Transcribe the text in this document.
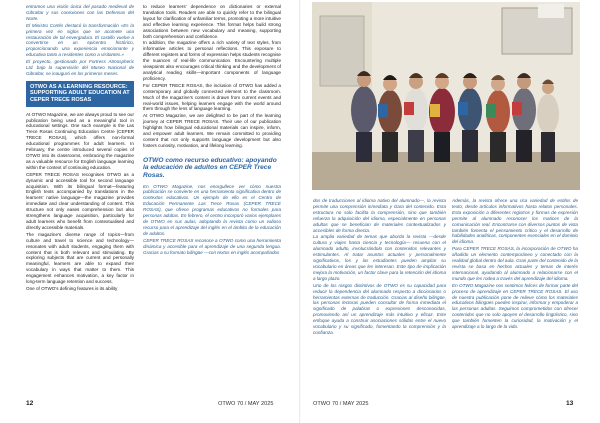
entramos una visión única del pasado medieval de Gibraltar y sus conexiones con las Defensas del Norte.

El Ministro Cortés destacó la transformación «Es la primera vez en siglos que se acomete una restauración de tal envergadura. El castillo vuelve a convertirse en un epicentro histórico, proporcionando una experiencia emocionante y educativa tanto a residentes como a visitantes.»

El proyecto, gestionado por Fortress Atmospheric Ltd. bajo la supervisión del Museo Nacional de Gibraltar, se inauguró en los primeros meses.

OTWO AS A LEARNING RESOURCE: SUPPORTING ADULT EDUCATION AT CEPER TRECE ROSAS

At OTWO Magazine, we are always proud to see our publication being used as a meaningful tool in educational settings. One such example is the Las Trece Rosas Continuing Education Centre (CEPER TRECE ROSAS), which offers non-formal educational programmes for adult learners. In February, the centre introduced several copies of OTWO into its classrooms, embracing the magazine as a valuable resource for English language learning within the context of continuing education.

CEPER TRECE ROSAS recognises OTWO as a dynamic and accessible tool for second language acquisition. With its bilingual format—featuring English texts accompanied by translations in the learners' native language—the magazine provides immediate and clear understanding of content. This structure not only eases comprehension but also strengthens language acquisition, particularly for adult learners who benefit from contextualised and directly accessible materials.

The magazine's diverse range of topics—from culture and travel to science and technology—resonates with adult students, engaging them with content that is both relevant and stimulating. By exploring subjects that are current and personally meaningful, learners are able to expand their vocabulary in ways that matter to them. This engagement enhances motivation, a key factor in long-term language retention and success.

One of OTWO's defining features is its ability

to reduce learners' dependence on dictionaries or external translation tools. Readers are able to quickly refer to the bilingual layout for clarification of unfamiliar terms, promoting a more intuitive and effective learning experience. This format helps build strong associations between new vocabulary and meaning, supporting both comprehension and confidence.

In addition, the magazine offers a rich variety of text styles, from informative articles to personal reflections. This exposure to different registers and forms of expression helps students recognise the nuances of real-life communication. Encountering multiple viewpoints also encourages critical thinking and the development of analytical reading skills—important components of language proficiency.

For CEPER TRECE ROSAS, the inclusion of OTWO has added a contemporary and globally connected element to the classroom. Much of the magazine's content is drawn from current events and real-world issues, helping learners engage with the world around them through the lens of language learning.

At OTWO Magazine, we are delighted to be part of the learning journey at CEPER TRECE ROSAS. Their use of our publication highlights how bilingual educational materials can inspire, inform, and empower adult learners. We remain committed to providing content that not only supports language development but also fosters curiosity, motivation, and lifelong learning.

OTWO como recurso educativo: apoyando la educación de adultos en CEPER Trece Rosas.

En OTWO Magazine, nos enorgullece ver cómo nuestra publicación se convierte en una herramienta significativa dentro de contextos educativos. Un ejemplo de ello es el Centro de Educación Permanente Las Trece Rosas (CEPER TRECE ROSAS), que ofrece programas educativos no formales para personas adultas. En febrero, el centro incorporó varios ejemplares de OTWO en sus aulas, adoptando la revista como un valioso recurso para el aprendizaje del inglés en el ámbito de la educación de adultos.

CEPER TRECE ROSAS reconoce a OTWO como una herramienta dinámica y accesible para el aprendizaje de una segunda lengua. Gracias a su formato bilingüe —con textos en inglés acompañados

dos de traducciones al idioma nativo del alumnado—, la revista permite una comprensión inmediata y clara del contenido. Esta estructura no solo facilita la comprensión, sino que también refuerza la adquisición del idioma, especialmente en personas adultas que se benefician de materiales contextualizados y accesibles de forma directa.

La amplia variedad de temas que aborda la revista —desde cultura y viajes hasta ciencia y tecnología— resuena con el alumnado adulto, involucrándolo con contenidos relevantes y estimulantes. Al tratar asuntos actuales y personalmente significativos, los y las estudiantes pueden ampliar su vocabulario en áreas que les interesan. Este tipo de implicación mejora la motivación, un factor clave para la retención del idioma a largo plazo.

Uno de los rasgos distintivos de OTWO es su capacidad para reducir la dependencia del alumnado respecto a diccionarios o herramientas externas de traducción. Gracias al diseño bilingüe, las personas lectoras pueden consultar de forma inmediata el significado de palabras o expresiones desconocidas, promoviendo así un aprendizaje más intuitivo y eficaz. Este enfoque ayuda a construir asociaciones sólidas entre el nuevo vocabulario y su significado, fomentando la comprensión y la confianza.

Además, la revista ofrece una rica variedad de estilos de texto, desde artículos informativos hasta relatos personales. Esta exposición a diferentes registros y formas de expresión permite al alumnado reconocer los matices de la comunicación real. Encontrarse con diversos puntos de vista también fomenta el pensamiento crítico y el desarrollo de habilidades analíticas, componentes esenciales en el dominio del idioma.

Para CEPER TRECE ROSAS, la incorporación de OTWO ha añadido un elemento contemporáneo y conectado con la realidad global dentro del aula. Gran parte del contenido de la revista se basa en hechos actuales y temas de interés internacional, ayudando al alumnado a relacionarse con el mundo que les rodea a través del aprendizaje del idioma.

En OTWO Magazine nos sentimos felices de formar parte del proceso de aprendizaje en CEPER TRECE ROSAS. El uso de nuestra publicación pone de relieve cómo los materiales educativos bilingües pueden inspirar, informar y empoderar a las personas adultas. Seguimos comprometidos con ofrecer contenidos que no solo apoyen el desarrollo lingüístico, sino que también fomenten la curiosidad, la motivación y el aprendizaje a lo largo de la vida.

12	OTWO 70 / MAY 2025	OTWO 70 / MAY 2025	13
